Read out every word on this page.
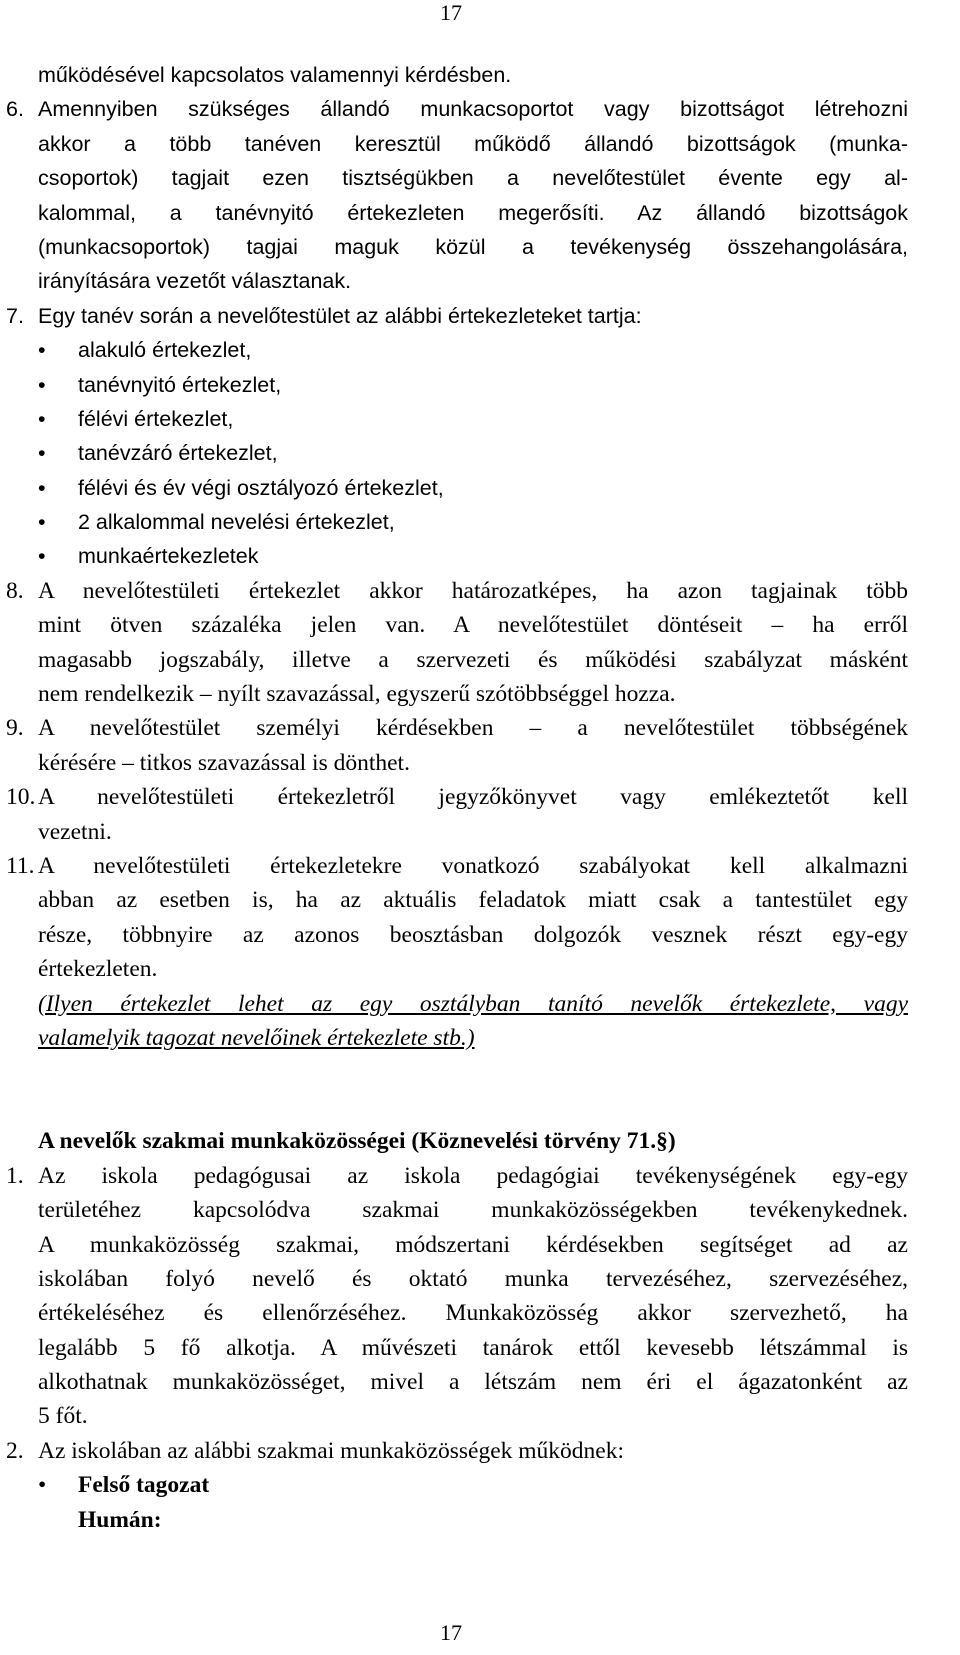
17
működésével kapcsolatos valamennyi kérdésben.
6. Amennyiben szükséges állandó munkacsoportot vagy bizottságot létrehozni
akkor a több tanéven keresztül működő állandó bizottságok (munka-
csoportok) tagjait ezen tisztségükben a nevelőtestület évente egy al-
kalommal, a tanévnyitó értekezleten megerősíti. Az állandó bizottságok
(munkacsoportok) tagjai maguk közül a tevékenység összehangolására,
irányítására vezetőt választanak.
7. Egy tanév során a nevelőtestület az alábbi értekezleteket tartja:
• alakuló értekezlet,
• tanévnyitó értekezlet,
• félévi értekezlet,
• tanévzáró értekezlet,
• félévi és év végi osztályozó értekezlet,
• 2 alkalommal nevelési értekezlet,
• munkaértekezletek
8. A nevelőtestületi értekezlet akkor határozatképes, ha azon tagjainak több
mint ötven százaléka jelen van. A nevelőtestület döntéseit – ha erről
magasabb jogszabály, illetve a szervezeti és működési szabályzat másként
nem rendelkezik – nyílt szavazással, egyszerű szótöbbséggel hozza.
9. A nevelőtestület személyi kérdésekben – a nevelőtestület többségének
kérésére – titkos szavazással is dönthet.
10. A nevelőtestületi értekezletről jegyzőkönyvet vagy emlékeztetőt kell
vezetni.
11. A nevelőtestületi értekezletekre vonatkozó szabályokat kell alkalmazni
abban az esetben is, ha az aktuális feladatok miatt csak a tantestület egy
része, többnyire az azonos beosztásban dolgozók vesznek részt egy-egy
értekezleten.
(Ilyen értekezlet lehet az egy osztályban tanító nevelők értekezlete, vagy
valamelyik tagozat nevelőinek értekezlete stb.)
A nevelők szakmai munkaközösségei (Köznevelési törvény 71.§)
1. Az iskola pedagógusai az iskola pedagógiai tevékenységének egy-egy
területéhez kapcsolódva szakmai munkaközösségekben tevékenykednek.
A munkaközösség szakmai, módszertani kérdésekben segítséget ad az
iskolában folyó nevelő és oktató munka tervezéséhez, szervezéséhez,
értékeléséhez és ellenőrzéséhez. Munkaközösség akkor szervezhető, ha
legalább 5 fő alkotja. A művészeti tanárok ettől kevesebb létszámmal is
alkothatnak munkaközösséget, mivel a létszám nem éri el ágazatonként az
5 főt.
2. Az iskolában az alábbi szakmai munkaközösségek működnek:
• Felső tagozat
Humán:
17
